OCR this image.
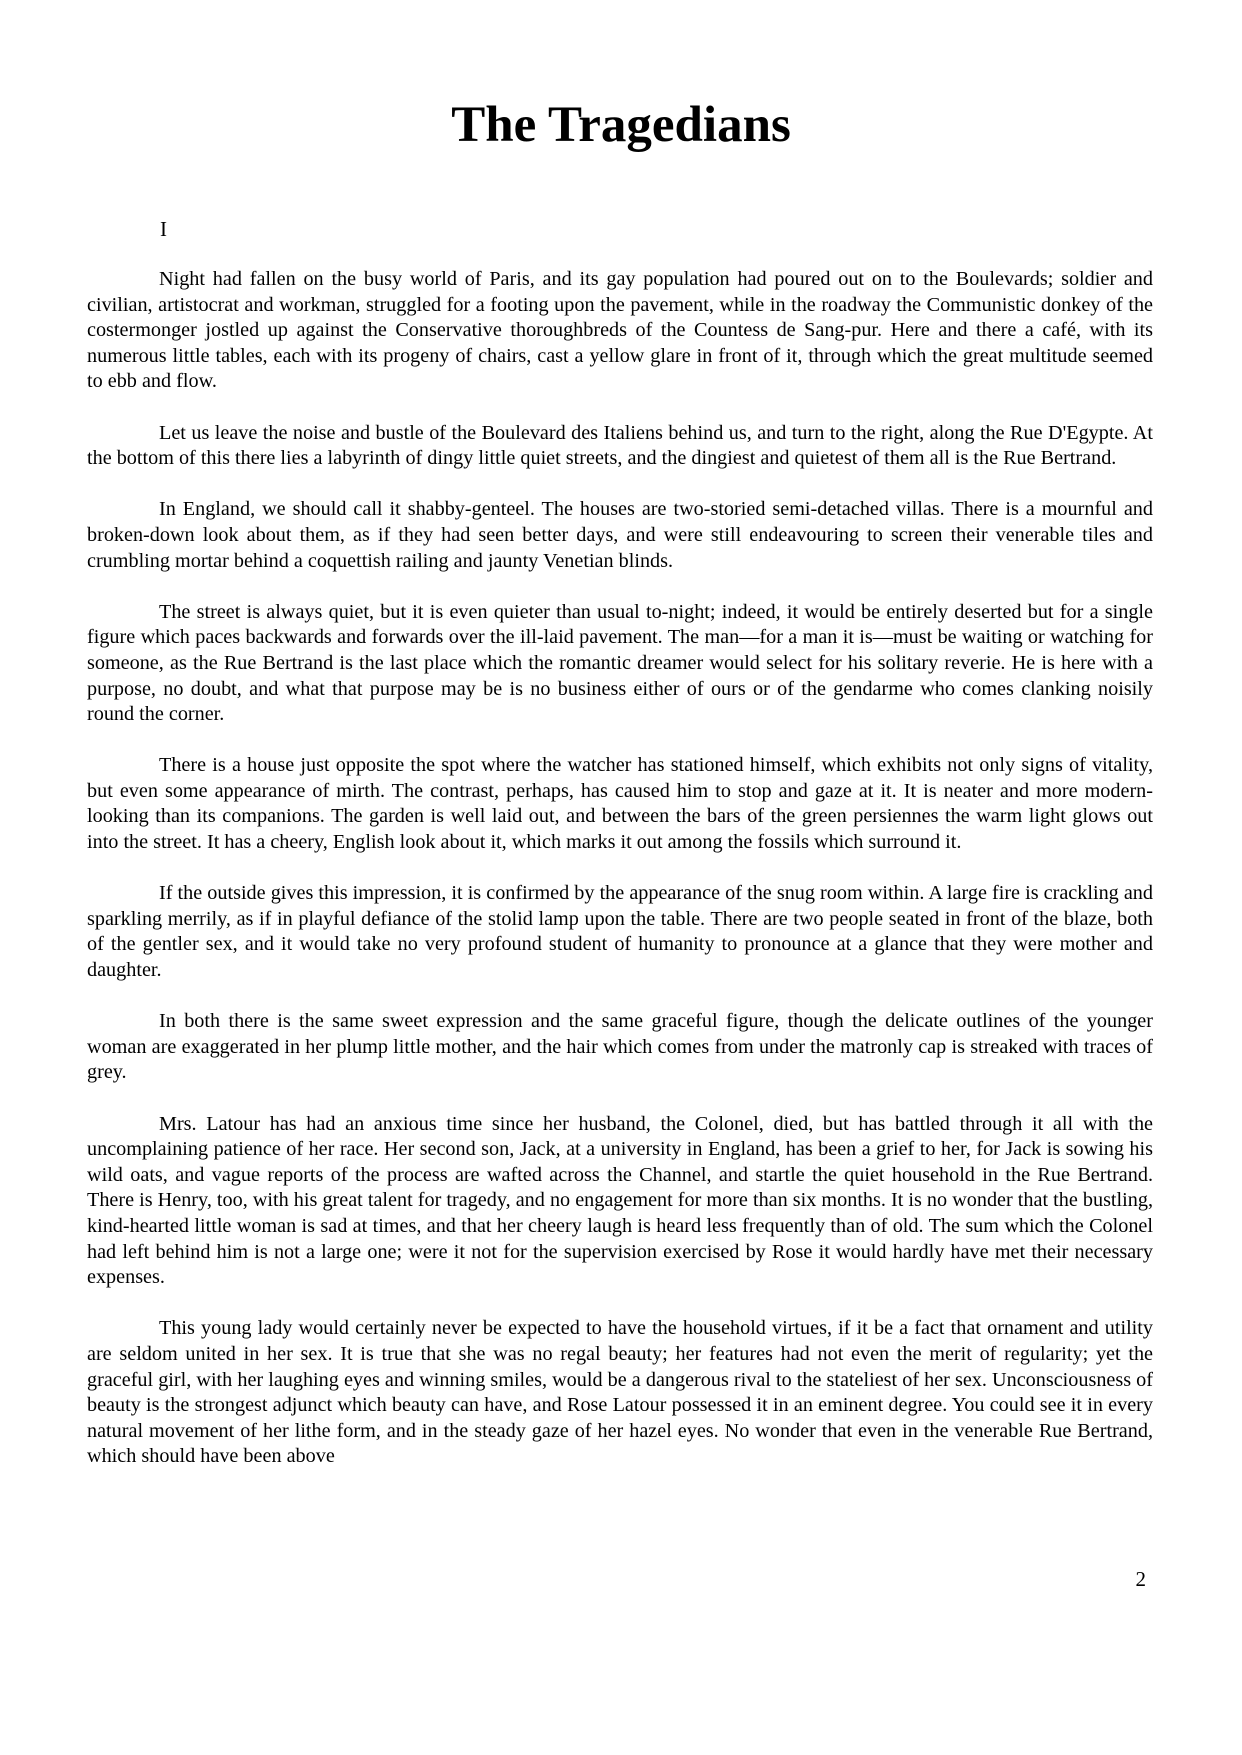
The Tragedians

I

Night had fallen on the busy world of Paris, and its gay population had poured out on to the Boulevards; soldier and civilian, artistocrat and workman, struggled for a footing upon the pavement, while in the roadway the Communistic donkey of the costermonger jostled up against the Conservative thoroughbreds of the Countess de Sang-pur. Here and there a café, with its numerous little tables, each with its progeny of chairs, cast a yellow glare in front of it, through which the great multitude seemed to ebb and flow.

Let us leave the noise and bustle of the Boulevard des Italiens behind us, and turn to the right, along the Rue D'Egypte. At the bottom of this there lies a labyrinth of dingy little quiet streets, and the dingiest and quietest of them all is the Rue Bertrand.

In England, we should call it shabby-genteel. The houses are two-storied semi-detached villas. There is a mournful and broken-down look about them, as if they had seen better days, and were still endeavouring to screen their venerable tiles and crumbling mortar behind a coquettish railing and jaunty Venetian blinds.

The street is always quiet, but it is even quieter than usual to-night; indeed, it would be entirely deserted but for a single figure which paces backwards and forwards over the ill-laid pavement. The man—for a man it is—must be waiting or watching for someone, as the Rue Bertrand is the last place which the romantic dreamer would select for his solitary reverie. He is here with a purpose, no doubt, and what that purpose may be is no business either of ours or of the gendarme who comes clanking noisily round the corner.

There is a house just opposite the spot where the watcher has stationed himself, which exhibits not only signs of vitality, but even some appearance of mirth. The contrast, perhaps, has caused him to stop and gaze at it. It is neater and more modern-looking than its companions. The garden is well laid out, and between the bars of the green persiennes the warm light glows out into the street. It has a cheery, English look about it, which marks it out among the fossils which surround it.

If the outside gives this impression, it is confirmed by the appearance of the snug room within. A large fire is crackling and sparkling merrily, as if in playful defiance of the stolid lamp upon the table. There are two people seated in front of the blaze, both of the gentler sex, and it would take no very profound student of humanity to pronounce at a glance that they were mother and daughter.

In both there is the same sweet expression and the same graceful figure, though the delicate outlines of the younger woman are exaggerated in her plump little mother, and the hair which comes from under the matronly cap is streaked with traces of grey.

Mrs. Latour has had an anxious time since her husband, the Colonel, died, but has battled through it all with the uncomplaining patience of her race. Her second son, Jack, at a university in England, has been a grief to her, for Jack is sowing his wild oats, and vague reports of the process are wafted across the Channel, and startle the quiet household in the Rue Bertrand. There is Henry, too, with his great talent for tragedy, and no engagement for more than six months. It is no wonder that the bustling, kind-hearted little woman is sad at times, and that her cheery laugh is heard less frequently than of old. The sum which the Colonel had left behind him is not a large one; were it not for the supervision exercised by Rose it would hardly have met their necessary expenses.

This young lady would certainly never be expected to have the household virtues, if it be a fact that ornament and utility are seldom united in her sex. It is true that she was no regal beauty; her features had not even the merit of regularity; yet the graceful girl, with her laughing eyes and winning smiles, would be a dangerous rival to the stateliest of her sex. Unconsciousness of beauty is the strongest adjunct which beauty can have, and Rose Latour possessed it in an eminent degree. You could see it in every natural movement of her lithe form, and in the steady gaze of her hazel eyes. No wonder that even in the venerable Rue Bertrand, which should have been above

2
